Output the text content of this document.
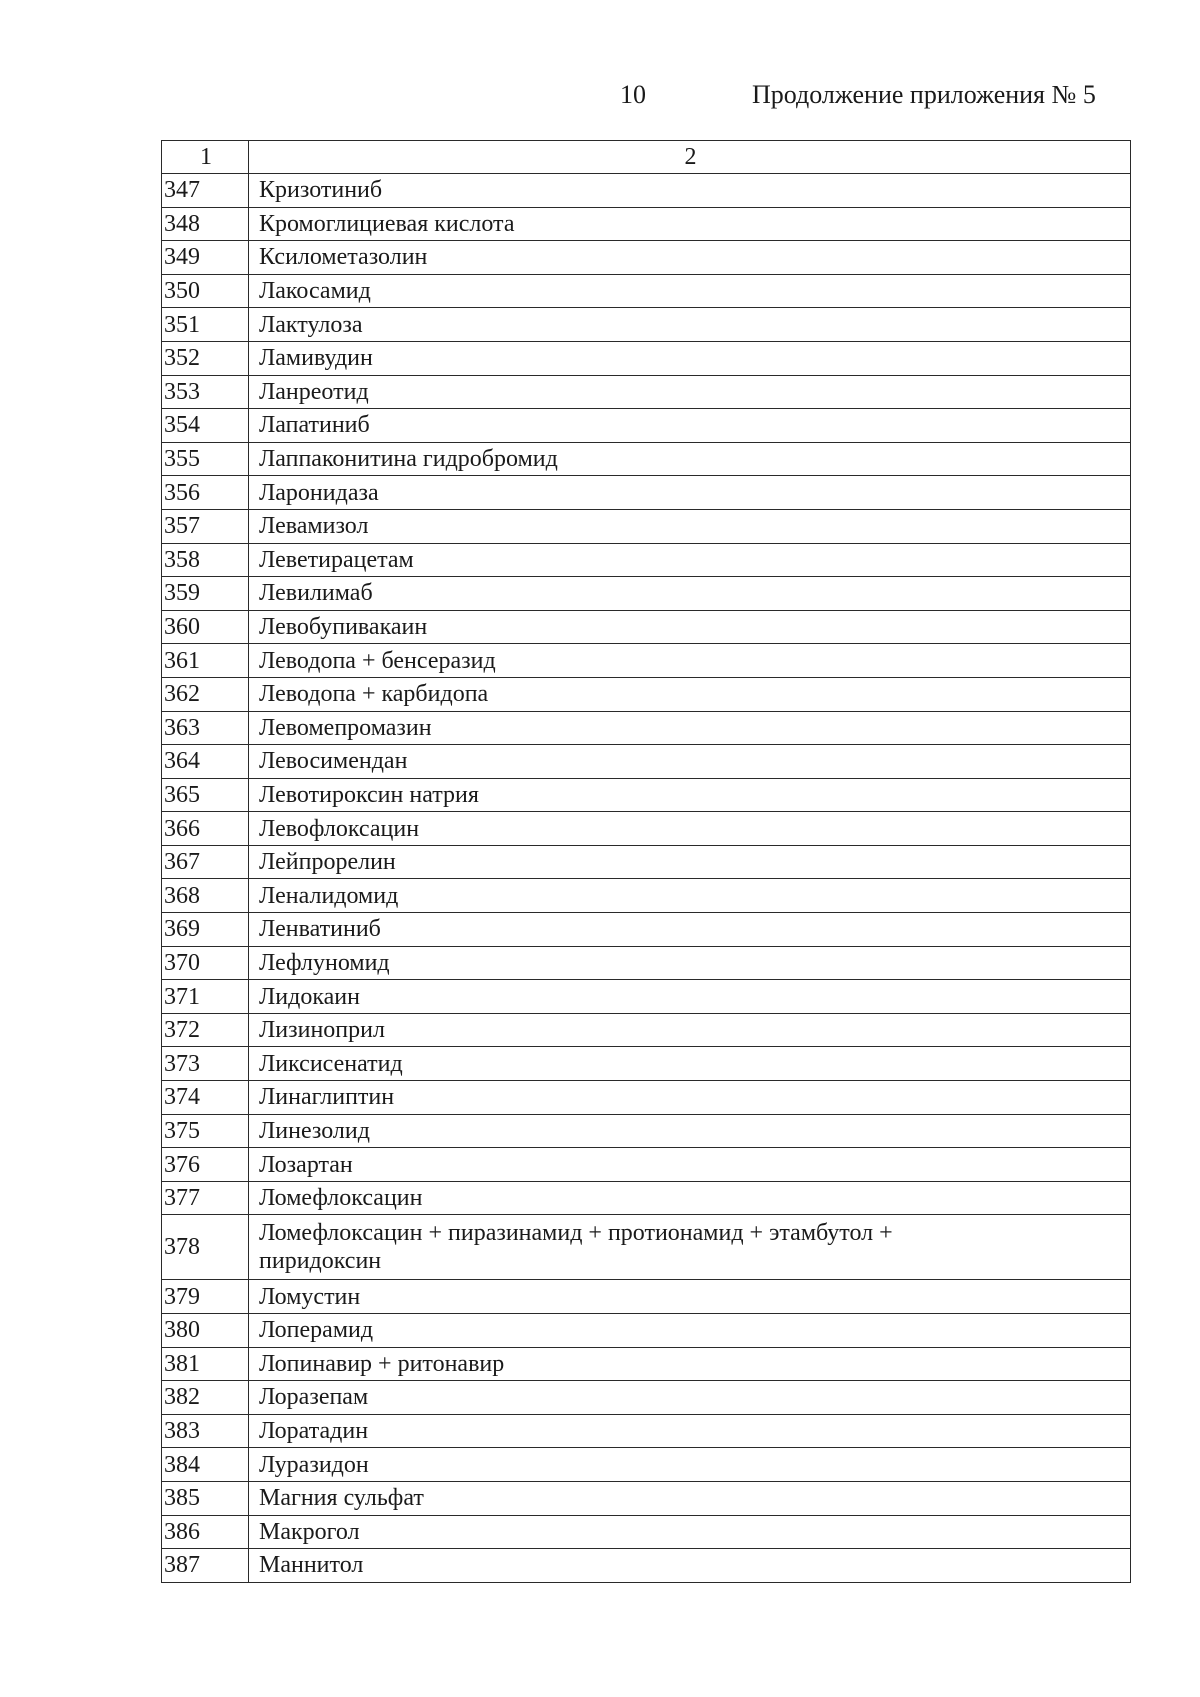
10	Продолжение приложения № 5
1	2
347	Кризотиниб
348	Кромоглициевая кислота
349	Ксилометазолин
350	Лакосамид
351	Лактулоза
352	Ламивудин
353	Ланреотид
354	Лапатиниб
355	Лаппаконитина гидробромид
356	Ларонидаза
357	Левамизол
358	Леветирацетам
359	Левилимаб
360	Левобупивакаин
361	Леводопа + бенсеразид
362	Леводопа + карбидопа
363	Левомепромазин
364	Левосимендан
365	Левотироксин натрия
366	Левофлоксацин
367	Лейпрорелин
368	Леналидомид
369	Ленватиниб
370	Лефлуномид
371	Лидокаин
372	Лизиноприл
373	Ликсисенатид
374	Линаглиптин
375	Линезолид
376	Лозартан
377	Ломефлоксацин
378	Ломефлоксацин + пиразинамид + протионамид + этамбутол +
пиридоксин
379	Ломустин
380	Лоперамид
381	Лопинавир + ритонавир
382	Лоразепам
383	Лоратадин
384	Луразидон
385	Магния сульфат
386	Макрогол
387	Маннитол
